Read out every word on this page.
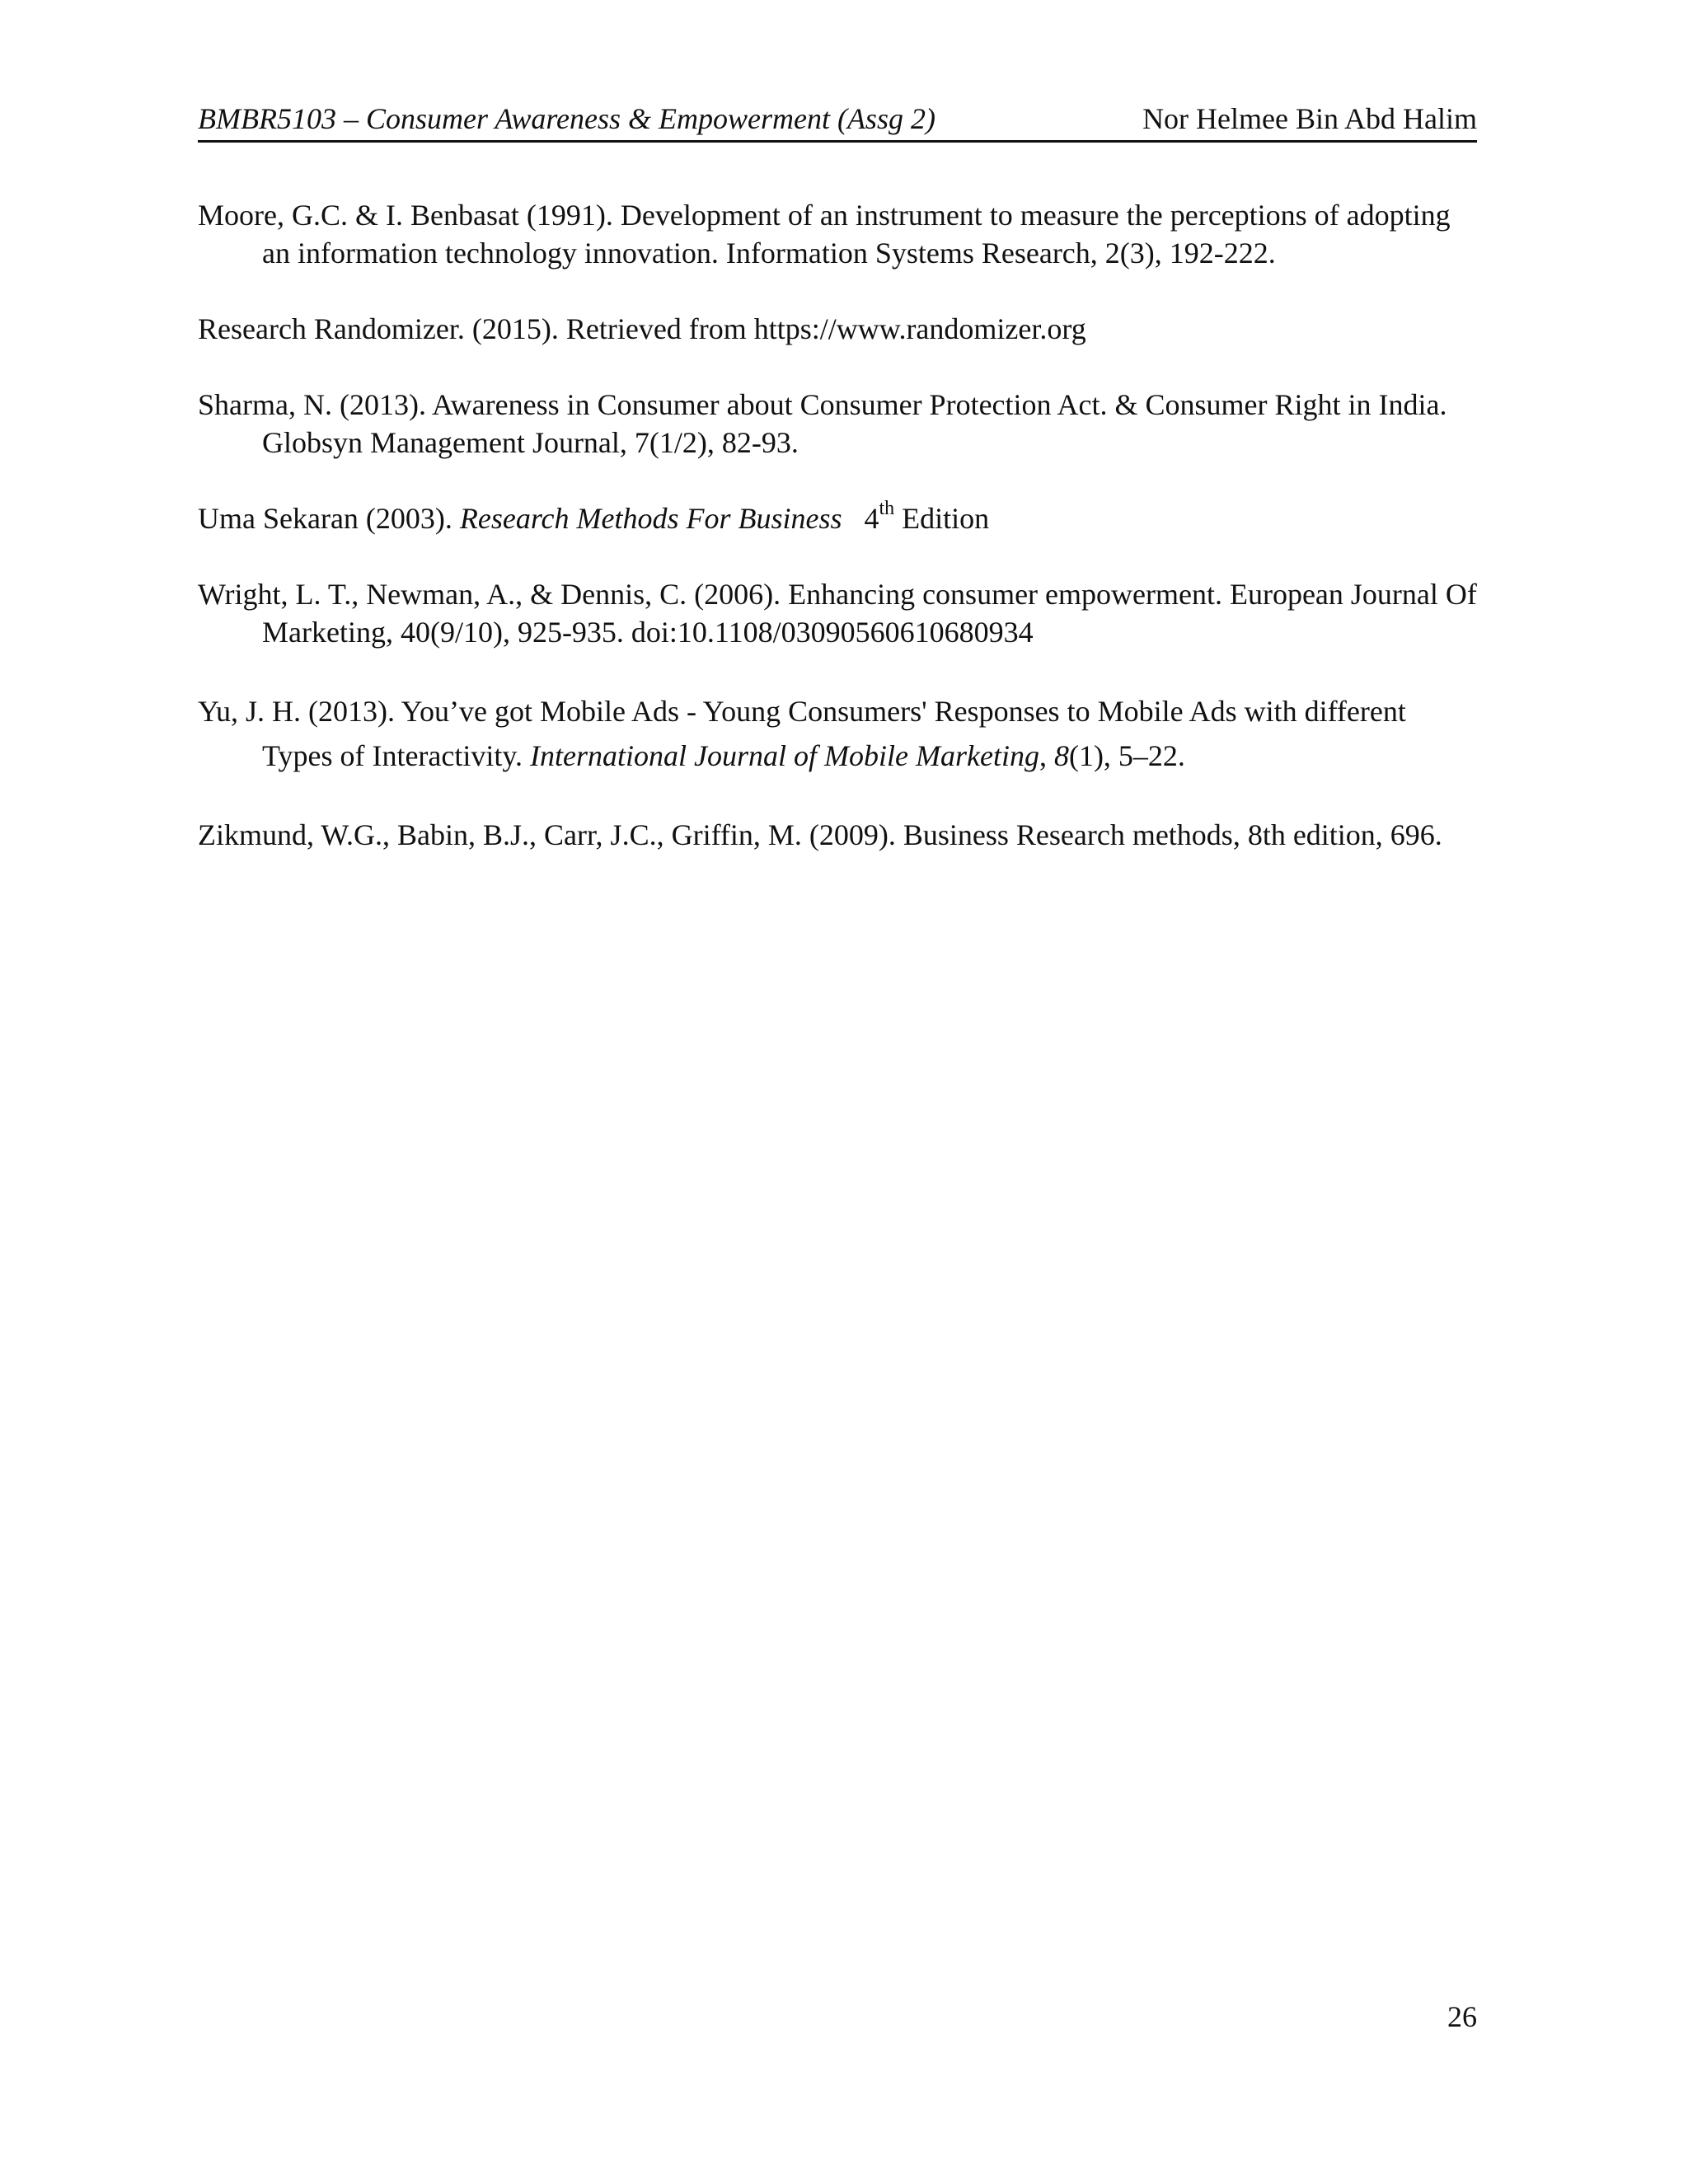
BMBR5103 – Consumer Awareness & Empowerment (Assg 2)	Nor Helmee Bin Abd Halim

Moore, G.C. & I. Benbasat (1991). Development of an instrument to measure the perceptions of adopting an information technology innovation. Information Systems Research, 2(3), 192-222.

Research Randomizer. (2015). Retrieved from https://www.randomizer.org

Sharma, N. (2013). Awareness in Consumer about Consumer Protection Act. & Consumer Right in India. Globsyn Management Journal, 7(1/2), 82-93.

Uma Sekaran (2003). Research Methods For Business 4th Edition

Wright, L. T., Newman, A., & Dennis, C. (2006). Enhancing consumer empowerment. European Journal Of Marketing, 40(9/10), 925-935. doi:10.1108/03090560610680934

Yu, J. H. (2013). You’ve got Mobile Ads - Young Consumers' Responses to Mobile Ads with different Types of Interactivity. International Journal of Mobile Marketing, 8(1), 5–22.

Zikmund, W.G., Babin, B.J., Carr, J.C., Griffin, M. (2009). Business Research methods, 8th edition, 696.

26
